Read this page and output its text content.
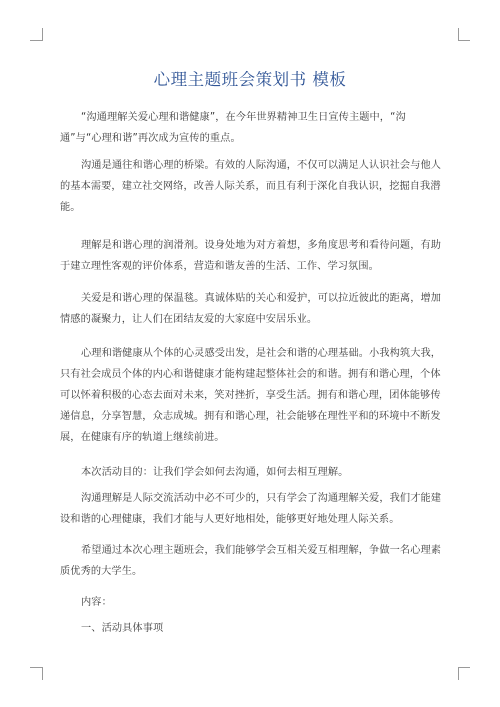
心理主题班会策划书 模板

“沟通理解关爱心理和谐健康”，在今年世界精神卫生日宣传主题中，“沟通”与“心理和谐”再次成为宣传的重点。

沟通是通往和谐心理的桥梁。有效的人际沟通，不仅可以满足人认识社会与他人的基本需要，建立社交网络，改善人际关系，而且有利于深化自我认识，挖掘自我潜能。

理解是和谐心理的润滑剂。设身处地为对方着想，多角度思考和看待问题，有助于建立理性客观的评价体系，营造和谐友善的生活、工作、学习氛围。

关爱是和谐心理的保温毯。真诚体贴的关心和爱护，可以拉近彼此的距离，增加情感的凝聚力，让人们在团结友爱的大家庭中安居乐业。

心理和谐健康从个体的心灵感受出发，是社会和谐的心理基础。小我构筑大我，只有社会成员个体的内心和谐健康才能构建起整体社会的和谐。拥有和谐心理，个体可以怀着积极的心态去面对未来，笑对挫折，享受生活。拥有和谐心理，团体能够传递信息，分享智慧，众志成城。拥有和谐心理，社会能够在理性平和的环境中不断发展，在健康有序的轨道上继续前进。

本次活动目的：让我们学会如何去沟通，如何去相互理解。

沟通理解是人际交流活动中必不可少的，只有学会了沟通理解关爱，我们才能建设和谐的心理健康，我们才能与人更好地相处，能够更好地处理人际关系。

希望通过本次心理主题班会，我们能够学会互相关爱互相理解，争做一名心理素质优秀的大学生。

内容：

一、活动具体事项
